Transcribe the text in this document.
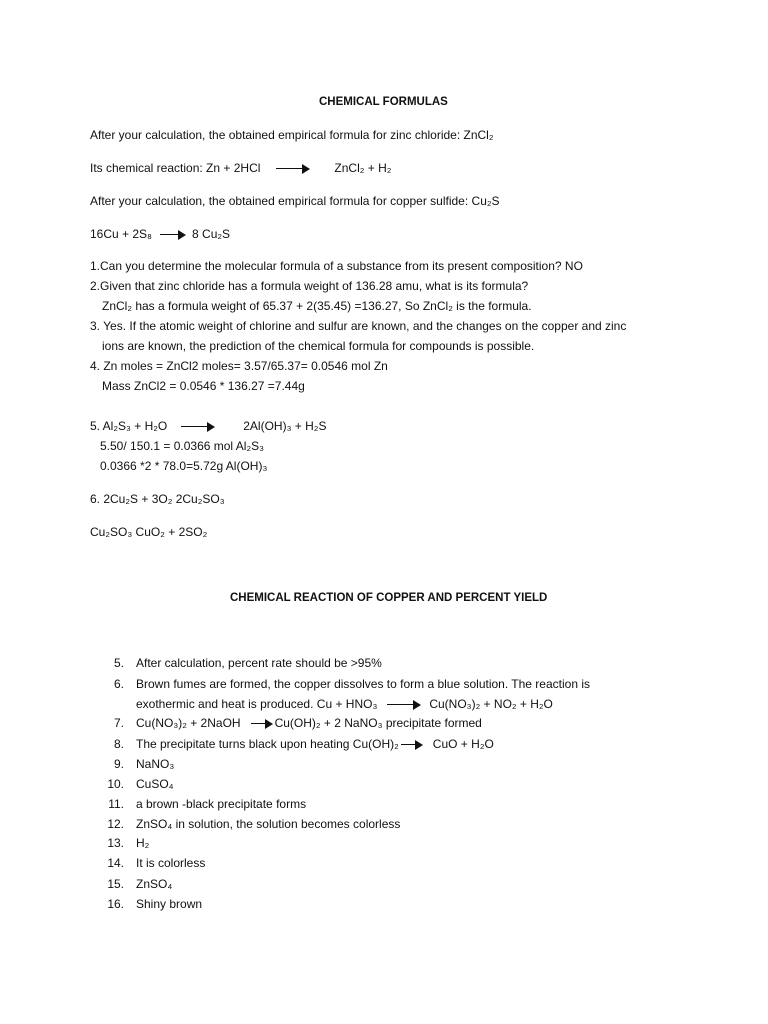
CHEMICAL FORMULAS
After your calculation, the obtained empirical formula for zinc chloride: ZnCl₂
Its chemical reaction: Zn + 2HCl	ZnCl₂ + H₂
After your calculation, the obtained empirical formula for copper sulfide: Cu₂S
16Cu + 2S₈	8 Cu₂S
1.Can you determine the molecular formula of a substance from its present composition? NO
2.Given that zinc chloride has a formula weight of 136.28 amu, what is its formula?
ZnCl₂ has a formula weight of 65.37 + 2(35.45) =136.27, So ZnCl₂ is the formula.
3. Yes. If the atomic weight of chlorine and sulfur are known, and the changes on the copper and zinc
ions are known, the prediction of the chemical formula for compounds is possible.
4. Zn moles = ZnCl2 moles= 3.57/65.37= 0.0546 mol Zn
Mass ZnCl2 = 0.0546 * 136.27 =7.44g
5. Al₂S₃ + H₂O	2Al(OH)₃ + H₂S
5.50/ 150.1 = 0.0366 mol Al₂S₃
0.0366 *2 * 78.0=5.72g Al(OH)₃
6. 2Cu₂S + 3O₂ 2Cu₂SO₃
Cu₂SO₃ CuO₂ + 2SO₂
CHEMICAL REACTION OF COPPER AND PERCENT YIELD
5. After calculation, percent rate should be >95%
6. Brown fumes are formed, the copper dissolves to form a blue solution. The reaction is
exothermic and heat is produced. Cu + HNO₃	Cu(NO₃)₂ + NO₂ + H₂O
7. Cu(NO₃)₂ + 2NaOH	Cu(OH)₂ + 2 NaNO₃ precipitate formed
8. The precipitate turns black upon heating Cu(OH)₂	CuO + H₂O
9. NaNO₃
10. CuSO₄
11. a brown -black precipitate forms
12. ZnSO₄ in solution, the solution becomes colorless
13. H₂
14. It is colorless
15. ZnSO₄
16. Shiny brown
